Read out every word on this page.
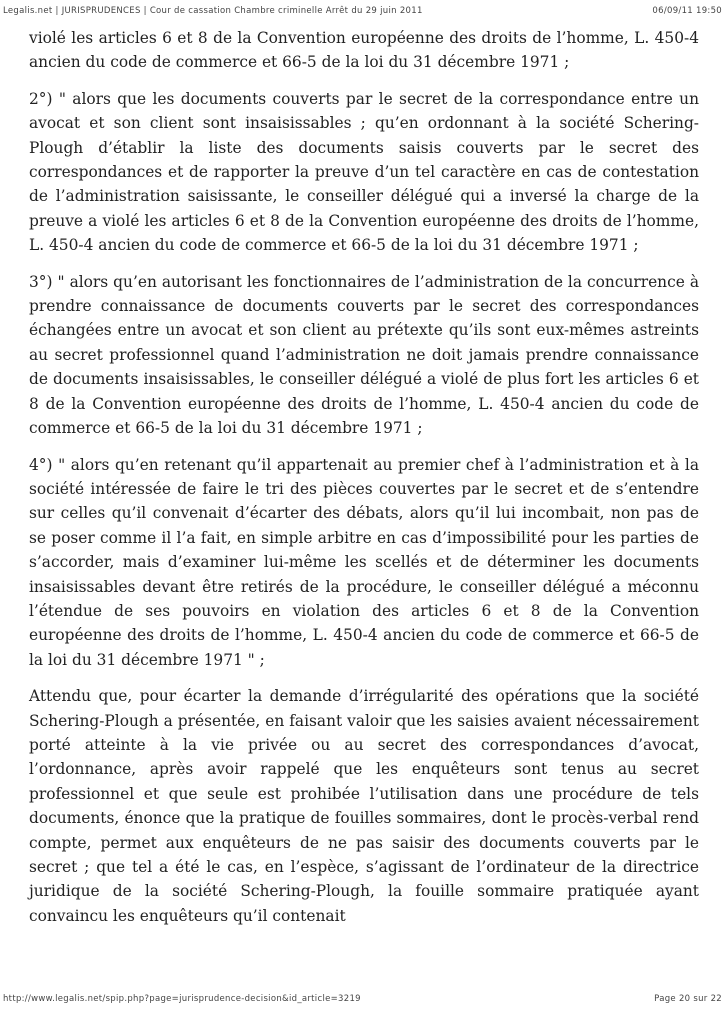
Legalis.net | JURISPRUDENCES | Cour de cassation Chambre criminelle Arrêt du 29 juin 2011	06/09/11 19:50

violé les articles 6 et 8 de la Convention européenne des droits de l’homme, L. 450-4 ancien du code de commerce et 66-5 de la loi du 31 décembre 1971 ;

2°) " alors que les documents couverts par le secret de la correspondance entre un avocat et son client sont insaisissables ; qu’en ordonnant à la société Schering-Plough d’établir la liste des documents saisis couverts par le secret des correspondances et de rapporter la preuve d’un tel caractère en cas de contestation de l’administration saisissante, le conseiller délégué qui a inversé la charge de la preuve a violé les articles 6 et 8 de la Convention européenne des droits de l’homme, L. 450-4 ancien du code de commerce et 66-5 de la loi du 31 décembre 1971 ;

3°) " alors qu’en autorisant les fonctionnaires de l’administration de la concurrence à prendre connaissance de documents couverts par le secret des correspondances échangées entre un avocat et son client au prétexte qu’ils sont eux-mêmes astreints au secret professionnel quand l’administration ne doit jamais prendre connaissance de documents insaisissables, le conseiller délégué a violé de plus fort les articles 6 et 8 de la Convention européenne des droits de l’homme, L. 450-4 ancien du code de commerce et 66-5 de la loi du 31 décembre 1971 ;

4°) " alors qu’en retenant qu’il appartenait au premier chef à l’administration et à la société intéressée de faire le tri des pièces couvertes par le secret et de s’entendre sur celles qu’il convenait d’écarter des débats, alors qu’il lui incombait, non pas de se poser comme il l’a fait, en simple arbitre en cas d’impossibilité pour les parties de s’accorder, mais d’examiner lui-même les scellés et de déterminer les documents insaisissables devant être retirés de la procédure, le conseiller délégué a méconnu l’étendue de ses pouvoirs en violation des articles 6 et 8 de la Convention européenne des droits de l’homme, L. 450-4 ancien du code de commerce et 66-5 de la loi du 31 décembre 1971 " ;

Attendu que, pour écarter la demande d’irrégularité des opérations que la société Schering-Plough a présentée, en faisant valoir que les saisies avaient nécessairement porté atteinte à la vie privée ou au secret des correspondances d’avocat, l’ordonnance, après avoir rappelé que les enquêteurs sont tenus au secret professionnel et que seule est prohibée l’utilisation dans une procédure de tels documents, énonce que la pratique de fouilles sommaires, dont le procès-verbal rend compte, permet aux enquêteurs de ne pas saisir des documents couverts par le secret ; que tel a été le cas, en l’espèce, s’agissant de l’ordinateur de la directrice juridique de la société Schering-Plough, la fouille sommaire pratiquée ayant convaincu les enquêteurs qu’il contenait

http://www.legalis.net/spip.php?page=jurisprudence-decision&id_article=3219	Page 20 sur 22
